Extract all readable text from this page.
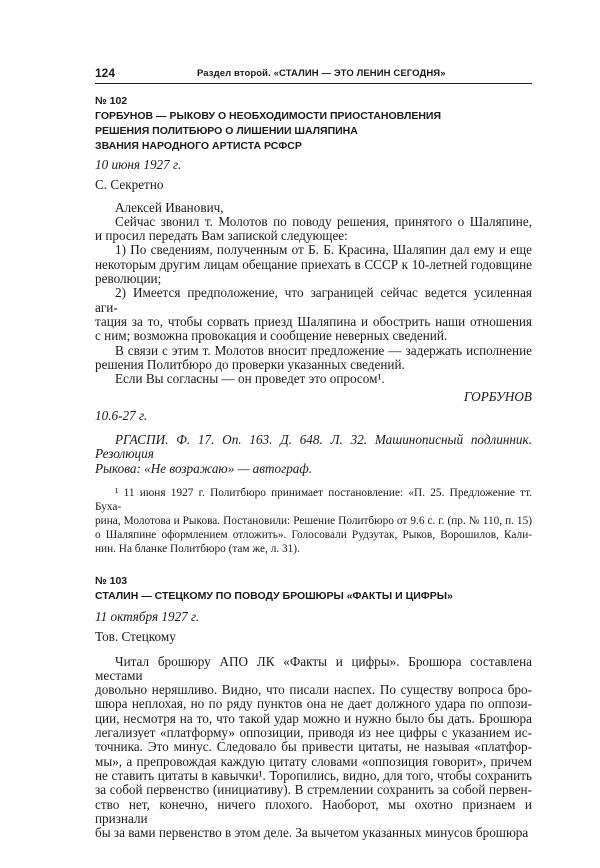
124	Раздел второй. «СТАЛИН — ЭТО ЛЕНИН СЕГОДНЯ»
№ 102
ГОРБУНОВ — РЫКОВУ О НЕОБХОДИМОСТИ ПРИОСТАНОВЛЕНИЯ
РЕШЕНИЯ ПОЛИТБЮРО О ЛИШЕНИИ ШАЛЯПИНА
ЗВАНИЯ НАРОДНОГО АРТИСТА РСФСР
10 июня 1927 г.
С. Секретно
Алексей Иванович,
Сейчас звонил т. Молотов по поводу решения, принятого о Шаляпине,
и просил передать Вам запиской следующее:
1) По сведениям, полученным от Б. Б. Красина, Шаляпин дал ему и еще
некоторым другим лицам обещание приехать в СССР к 10-летней годовщине
революции;
2) Имеется предположение, что заграницей сейчас ведется усиленная аги-
тация за то, чтобы сорвать приезд Шаляпина и обострить наши отношения
с ним; возможна провокация и сообщение неверных сведений.
В связи с этим т. Молотов вносит предложение — задержать исполнение
решения Политбюро до проверки указанных сведений.
Если Вы согласны — он проведет это опросом¹.
ГОРБУНОВ
10.6-27 г.
РГАСПИ. Ф. 17. Оп. 163. Д. 648. Л. 32. Машинописный подлинник. Резолюция
Рыкова: «Не возражаю» — автограф.
¹ 11 июня 1927 г. Политбюро принимает постановление: «П. 25. Предложение тт. Буха-
рина, Молотова и Рыкова. Постановили: Решение Политбюро от 9.6 с. г. (пр. № 110, п. 15)
о Шаляпине оформлением отложить». Голосовали Рудзутак, Рыков, Ворошилов, Кали-
нин. На бланке Политбюро (там же, л. 31).
№ 103
СТАЛИН — СТЕЦКОМУ ПО ПОВОДУ БРОШЮРЫ «ФАКТЫ И ЦИФРЫ»
11 октября 1927 г.
Тов. Стецкому
Читал брошюру АПО ЛК «Факты и цифры». Брошюра составлена местами
довольно неряшливо. Видно, что писали наспех. По существу вопроса бро-
шюра неплохая, но по ряду пунктов она не дает должного удара по оппози-
ции, несмотря на то, что такой удар можно и нужно было бы дать. Брошюра
легализует «платформу» оппозиции, приводя из нее цифры с указанием ис-
точника. Это минус. Следовало бы привести цитаты, не называя «платфор-
мы», а препровождая каждую цитату словами «оппозиция говорит», причем
не ставить цитаты в кавычки¹. Торопились, видно, для того, чтобы сохранить
за собой первенство (инициативу). В стремлении сохранить за собой первен-
ство нет, конечно, ничего плохого. Наоборот, мы охотно признаем и признали
бы за вами первенство в этом деле. За вычетом указанных минусов брошюра
